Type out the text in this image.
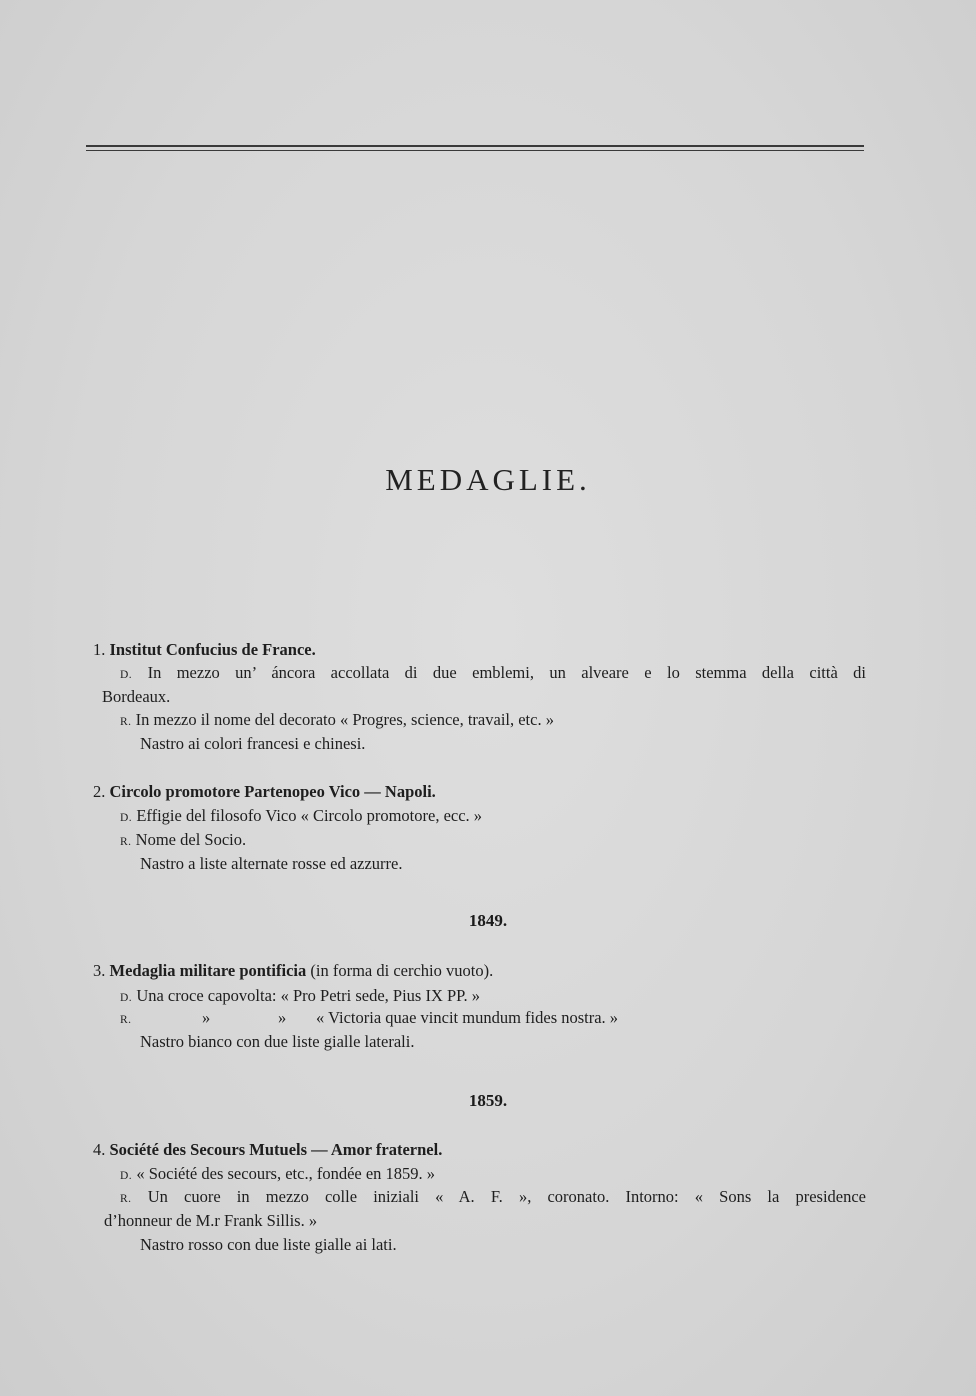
MEDAGLIE.
1. Institut Confucius de France.
D. In mezzo un’ áncora accollata di due emblemi, un alveare e lo stemma della città di
Bordeaux.
R. In mezzo il nome del decorato « Progres, science, travail, etc. »
Nastro ai colori francesi e chinesi.
2. Circolo promotore Partenopeo Vico — Napoli.
D. Effigie del filosofo Vico « Circolo promotore, ecc. »
R. Nome del Socio.
Nastro a liste alternate rosse ed azzurre.
1849.
3. Medaglia militare pontificia (in forma di cerchio vuoto).
D. Una croce capovolta: « Pro Petri sede, Pius IX PP. »
R.	»	» « Victoria quae vincit mundum fides nostra. »
Nastro bianco con due liste gialle laterali.
1859.
4. Société des Secours Mutuels — Amor fraternel.
D. « Société des secours, etc., fondée en 1859. »
R. Un cuore in mezzo colle iniziali « A. F. », coronato. Intorno: « Sons la presidence
d’honneur de M.r Frank Sillis. »
Nastro rosso con due liste gialle ai lati.
